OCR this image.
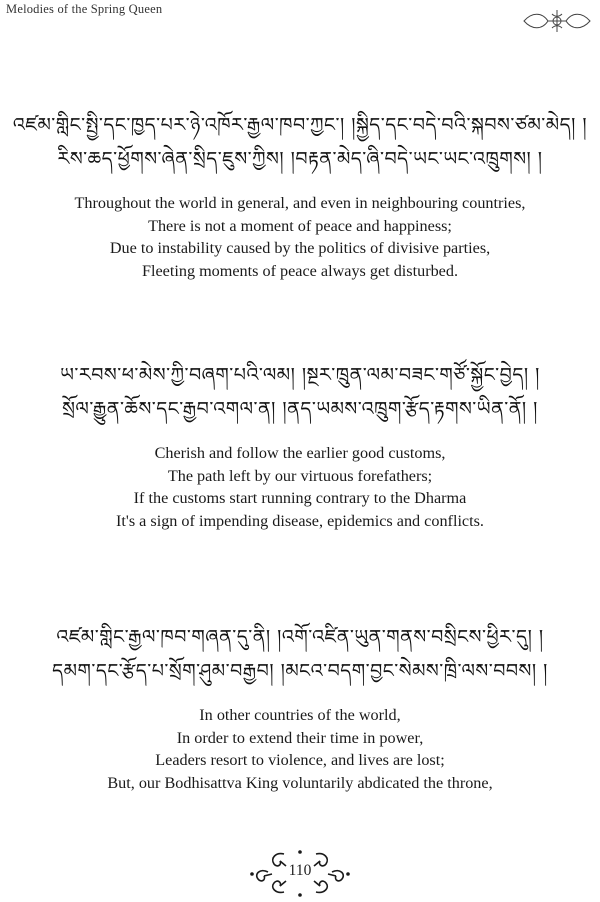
Melodies of the Spring Queen
འཛམ་གླིང་སྤྱི་དང་ཁྱད་པར་ཉེ་འཁོར་རྒྱལ་ཁབ་ཀྱང་། །སྐྱིད་དང་བདེ་བའི་སྐབས་ཙམ་མེད། །
རིས་ཆད་ཕྱོགས་ཞེན་སྲིད་ཇུས་ཀྱིས། །བརྟན་མེད་ཞི་བདེ་ཡང་ཡང་འཁྲུགས། །
Throughout the world in general, and even in neighbouring countries,
There is not a moment of peace and happiness;
Due to instability caused by the politics of divisive parties,
Fleeting moments of peace always get disturbed.
ཡ་རབས་ཕ་མེས་ཀྱི་བཞག་པའི་ལམ། །སྔར་ཁྲུན་ལམ་བཟང་གཙོ་སྐྱོང་བྱེད། །
སྲོལ་རྒྱུན་ཆོས་དང་རྒྱབ་འགལ་ན། །ནད་ཡམས་འཁྲུག་རྩོད་རྟགས་ཡིན་ནོ། །
Cherish and follow the earlier good customs,
The path left by our virtuous forefathers;
If the customs start running contrary to the Dharma
It's a sign of impending disease, epidemics and conflicts.
འཛམ་གླིང་རྒྱལ་ཁབ་གཞན་དུ་ནི། །འགོ་འཛིན་ཡུན་གནས་བསྲིངས་ཕྱིར་དུ། །
དམག་དང་རྩོད་པ་སྲོག་ཤུམ་བརྒྱབ། །མངའ་བདག་བྱང་སེམས་ཁྲི་ལས་བབས། །
In other countries of the world,
In order to extend their time in power,
Leaders resort to violence, and lives are lost;
But, our Bodhisattva King voluntarily abdicated the throne,
110
